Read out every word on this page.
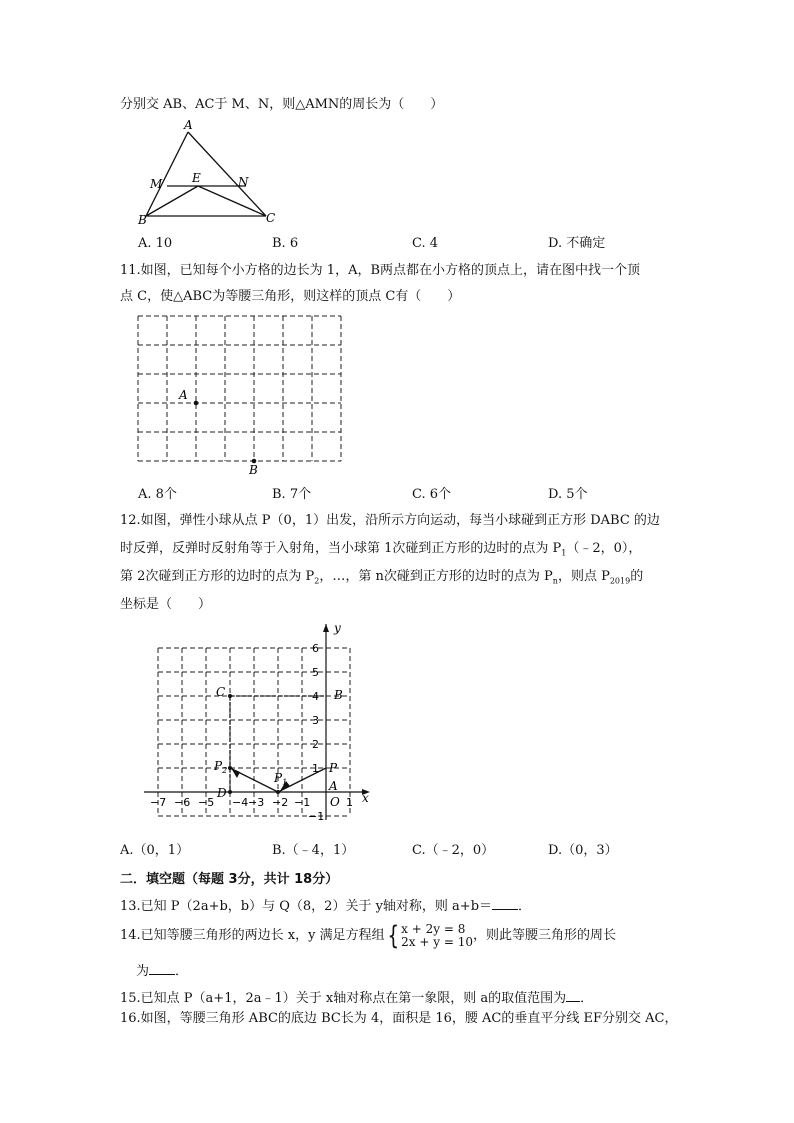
分别交 AB、AC于 M、N，则△AMN的周长为（　　）
A
E
M	N
B	C
A. 10	B. 6	C. 4	D. 不确定
11.如图，已知每个小方格的边长为 1，A，B两点都在小方格的顶点上，请在图中找一个顶
点 C，使△ABC为等腰三角形，则这样的顶点 C有（　　）
A
B
A. 8个	B. 7个	C. 6个	D. 5个
12.如图，弹性小球从点 P（0，1）出发，沿所示方向运动，每当小球碰到正方形 DABC 的边
时反弹，反弹时反射角等于入射角，当小球第 1次碰到正方形的边时的点为 $P_1(﹣2$，0），
第 2次碰到正方形的边时的点为 $P_2$，…，第 n次碰到正方形的边时的点为 $P_n$，则点 $P_{2019}$的
坐标是（　　）
y
x
O
A
B
C
D
P
$P_1$
$P_2$
−7 −6 −5 −4 −3 −2 −1	1
6
5
4
3
2
1
−1
A.（0，1）	B.（﹣4，1）	C.（﹣2，0）	D.（0，3）
二．填空题（每题 3分，共计 18分）
13.已知 P（2a+b，b）与 Q（8，2）关于 y轴对称，则 a+b＝ ．
14.已知等腰三角形的两边长 x，y 满足方程组 { x + 2y = 8
2x + y = 10 ，则此等腰三角形的周长
为 ．
15.已知点 P（a+1，2a﹣1）关于 x轴对称点在第一象限，则 a的取值范围为 ．
16.如图，等腰三角形 ABC的底边 BC长为 4，面积是 16，腰 AC的垂直平分线 EF分别交 AC，
